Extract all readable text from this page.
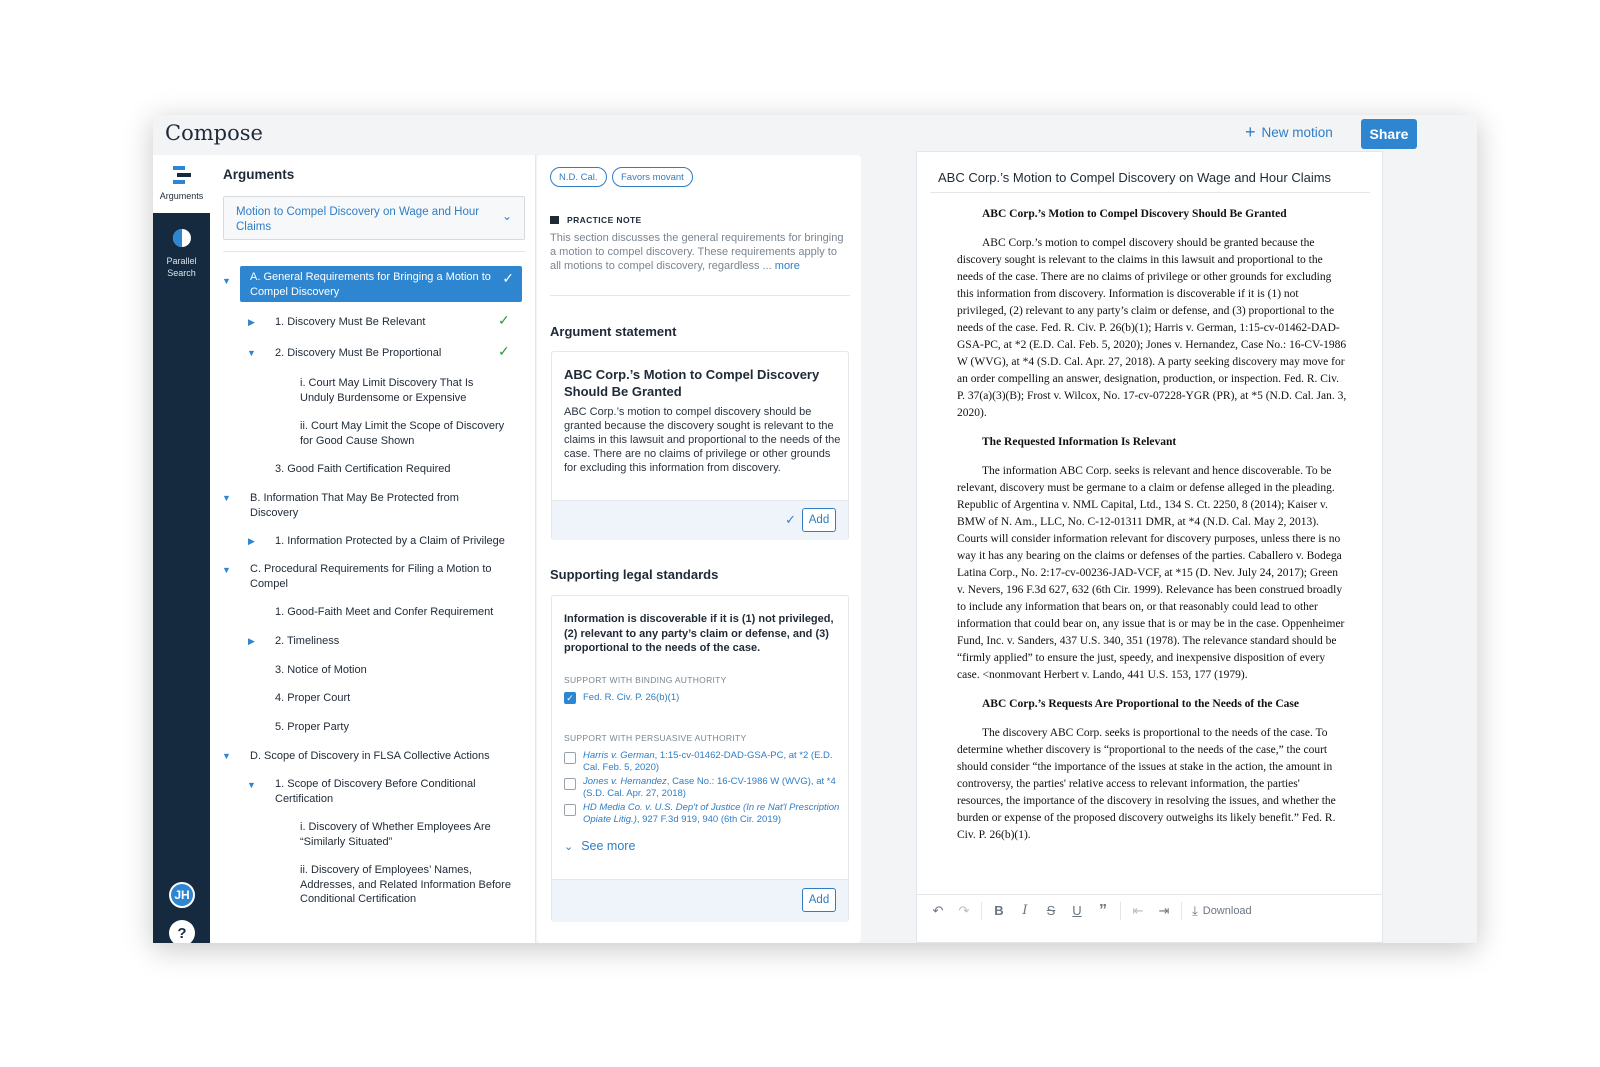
Compose	+ New motion	Share
Arguments
Parallel Search
JH
?
Arguments
Motion to Compel Discovery on Wage and Hour Claims
⌄
▼	A. General Requirements for Bringing a Motion to Compel Discovery
✓
▶ 1. Discovery Must Be Relevant	✓
▼ 2. Discovery Must Be Proportional	✓
i. Court May Limit Discovery That Is Unduly Burdensome or Expensive
ii. Court May Limit the Scope of Discovery for Good Cause Shown
3. Good Faith Certification Required
▼ B. Information That May Be Protected from Discovery
▶ 1. Information Protected by a Claim of Privilege
▼ C. Procedural Requirements for Filing a Motion to Compel
1. Good-Faith Meet and Confer Requirement
▶ 2. Timeliness
3. Notice of Motion
4. Proper Court
5. Proper Party
▼ D. Scope of Discovery in FLSA Collective Actions
▼ 1. Scope of Discovery Before Conditional Certification
i. Discovery of Whether Employees Are “Similarly Situated”
ii. Discovery of Employees’ Names, Addresses, and Related Information Before Conditional Certification
N.D. Cal.	Favors movant
PRACTICE NOTE
This section discusses the general requirements for bringing a motion to compel discovery. These requirements apply to all motions to compel discovery, regardless ... more
Argument statement
ABC Corp.’s Motion to Compel Discovery Should Be Granted
ABC Corp.’s motion to compel discovery should be granted because the discovery sought is relevant to the claims in this lawsuit and proportional to the needs of the case. There are no claims of privilege or other grounds for excluding this information from discovery.
✓	Add
Supporting legal standards
Information is discoverable if it is (1) not privileged, (2) relevant to any party’s claim or defense, and (3) proportional to the needs of the case.
SUPPORT WITH BINDING AUTHORITY
✓ Fed. R. Civ. P. 26(b)(1)
SUPPORT WITH PERSUASIVE AUTHORITY
Harris v. German, 1:15-cv-01462-DAD-GSA-PC, at *2 (E.D. Cal. Feb. 5, 2020)
Jones v. Hernandez, Case No.: 16-CV-1986 W (WVG), at *4 (S.D. Cal. Apr. 27, 2018)
HD Media Co. v. U.S. Dep't of Justice (In re Nat'l Prescription Opiate Litig.), 927 F.3d 919, 940 (6th Cir. 2019)
⌄ See more
Add
ABC Corp.’s Motion to Compel Discovery on Wage and Hour Claims
ABC Corp.’s Motion to Compel Discovery Should Be Granted

ABC Corp.’s motion to compel discovery should be granted because the discovery sought is relevant to the claims in this lawsuit and proportional to the needs of the case. There are no claims of privilege or other grounds for excluding this information from discovery. Information is discoverable if it is (1) not privileged, (2) relevant to any party’s claim or defense, and (3) proportional to the needs of the case. Fed. R. Civ. P. 26(b)(1); Harris v. German, 1:15-cv-01462-DAD-GSA-PC, at *2 (E.D. Cal. Feb. 5, 2020); Jones v. Hernandez, Case No.: 16-CV-1986 W (WVG), at *4 (S.D. Cal. Apr. 27, 2018). A party seeking discovery may move for an order compelling an answer, designation, production, or inspection. Fed. R. Civ. P. 37(a)(3)(B); Frost v. Wilcox, No. 17-cv-07228-YGR (PR), at *5 (N.D. Cal. Jan. 3, 2020).

The Requested Information Is Relevant

The information ABC Corp. seeks is relevant and hence discoverable. To be relevant, discovery must be germane to a claim or defense alleged in the pleading. Republic of Argentina v. NML Capital, Ltd., 134 S. Ct. 2250, 8 (2014); Kaiser v. BMW of N. Am., LLC, No. C-12-01311 DMR, at *4 (N.D. Cal. May 2, 2013). Courts will consider information relevant for discovery purposes, unless there is no way it has any bearing on the claims or defenses of the parties. Caballero v. Bodega Latina Corp., No. 2:17-cv-00236-JAD-VCF, at *15 (D. Nev. July 24, 2017); Green v. Nevers, 196 F.3d 627, 632 (6th Cir. 1999). Relevance has been construed broadly to include any information that bears on, or that reasonably could lead to other information that could bear on, any issue that is or may be in the case. Oppenheimer Fund, Inc. v. Sanders, 437 U.S. 340, 351 (1978). The relevance standard should be “firmly applied” to ensure the just, speedy, and inexpensive disposition of every case. <nonmovant Herbert v. Lando, 441 U.S. 153, 177 (1979).

ABC Corp.’s Requests Are Proportional to the Needs of the Case

The discovery ABC Corp. seeks is proportional to the needs of the case. To determine whether discovery is “proportional to the needs of the case,” the court should consider “the importance of the issues at stake in the action, the amount in controversy, the parties' relative access to relevant information, the parties' resources, the importance of the discovery in resolving the issues, and whether the burden or expense of the proposed discovery outweighs its likely benefit.” Fed. R. Civ. P. 26(b)(1).

↶	↷	B	I	S	U	”	⇤	⇥	⤓ Download
